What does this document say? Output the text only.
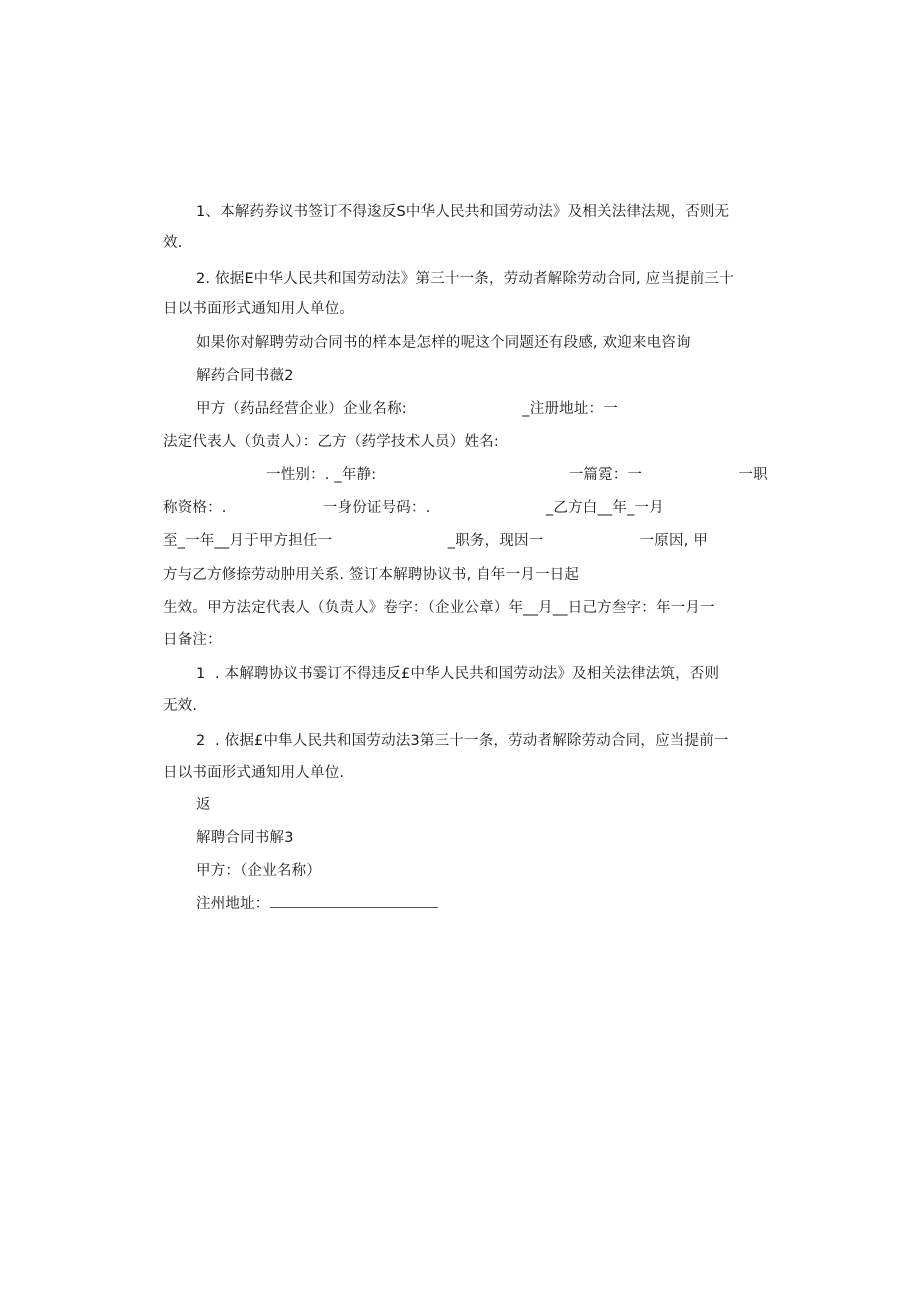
1、本解药券议书签订不得逡反S中华人民共和国劳动法》及相关法律法规，否则无
效.
2. 依据E中华人民共和国劳动法》第三十一条，劳动者解除劳动合同, 应当提前三十
日以书面形式通知用人单位。
如果你对解聘劳动合同书的样本是怎样的呢这个同题还有段感, 欢迎来电咨询
解药合同书薇2
甲方（药品经营企业）企业名称:                        _注册地址：一
法定代表人（负责人）：乙方（药学技术人员）姓名:
一性别：. _年静:                                        一篇霓：一                    一职
称资格：.                    一身份证号码：.                        _乙方白__年_一月
至_一年__月于甲方担任一                        _职务，现因一                    一原因, 甲
方与乙方修捺劳动肿用关系. 签订本解聘协议书, 自年一月一日起
生效。甲方法定代表人（负责人》卷字：（企业公章）年__月__日己方叁字：年一月一
日备注：
1  . 本解聘协议书霎订不得违反£中华人民共和国劳动法》及相关法律法筑，否则
无效.
2  . 依据£中隼人民共和国劳动法3第三十一条，劳动者解除劳动合同，应当提前一
日以书面形式通知用人单位.
返
解聘合同书解3
甲方：（企业名称）
注州地址：
